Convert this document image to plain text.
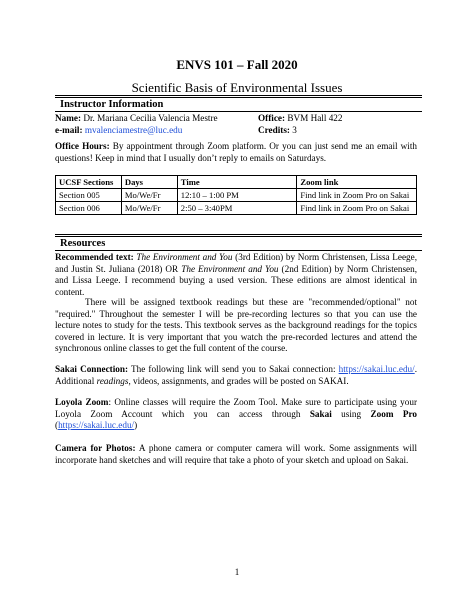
ENVS 101 – Fall 2020
Scientific Basis of Environmental Issues
Instructor Information
Name: Dr. Mariana Cecilia Valencia Mestre	Office: BVM Hall 422
e-mail: mvalenciamestre@luc.edu	Credits: 3
Office Hours: By appointment through Zoom platform. Or you can just send me an email with questions! Keep in mind that I usually don’t reply to emails on Saturdays.
UCSF Sections	Days	Time	Zoom link
Section 005	Mo/We/Fr	12:10 – 1:00 PM	Find link in Zoom Pro on Sakai
Section 006	Mo/We/Fr	2:50 – 3:40PM	Find link in Zoom Pro on Sakai
Resources
Recommended text: The Environment and You (3rd Edition) by Norm Christensen, Lissa Leege, and Justin St. Juliana (2018) OR The Environment and You (2nd Edition) by Norm Christensen, and Lissa Leege. I recommend buying a used version. These editions are almost identical in content.
There will be assigned textbook readings but these are "recommended/optional" not "required." Throughout the semester I will be pre-recording lectures so that you can use the lecture notes to study for the tests. This textbook serves as the background readings for the topics covered in lecture. It is very important that you watch the pre-recorded lectures and attend the synchronous online classes to get the full content of the course.
Sakai Connection: The following link will send you to Sakai connection: https://sakai.luc.edu/. Additional readings, videos, assignments, and grades will be posted on SAKAI.
Loyola Zoom: Online classes will require the Zoom Tool. Make sure to participate using your Loyola Zoom Account which you can access through Sakai using Zoom Pro (https://sakai.luc.edu/)
Camera for Photos: A phone camera or computer camera will work. Some assignments will incorporate hand sketches and will require that take a photo of your sketch and upload on Sakai.
1
